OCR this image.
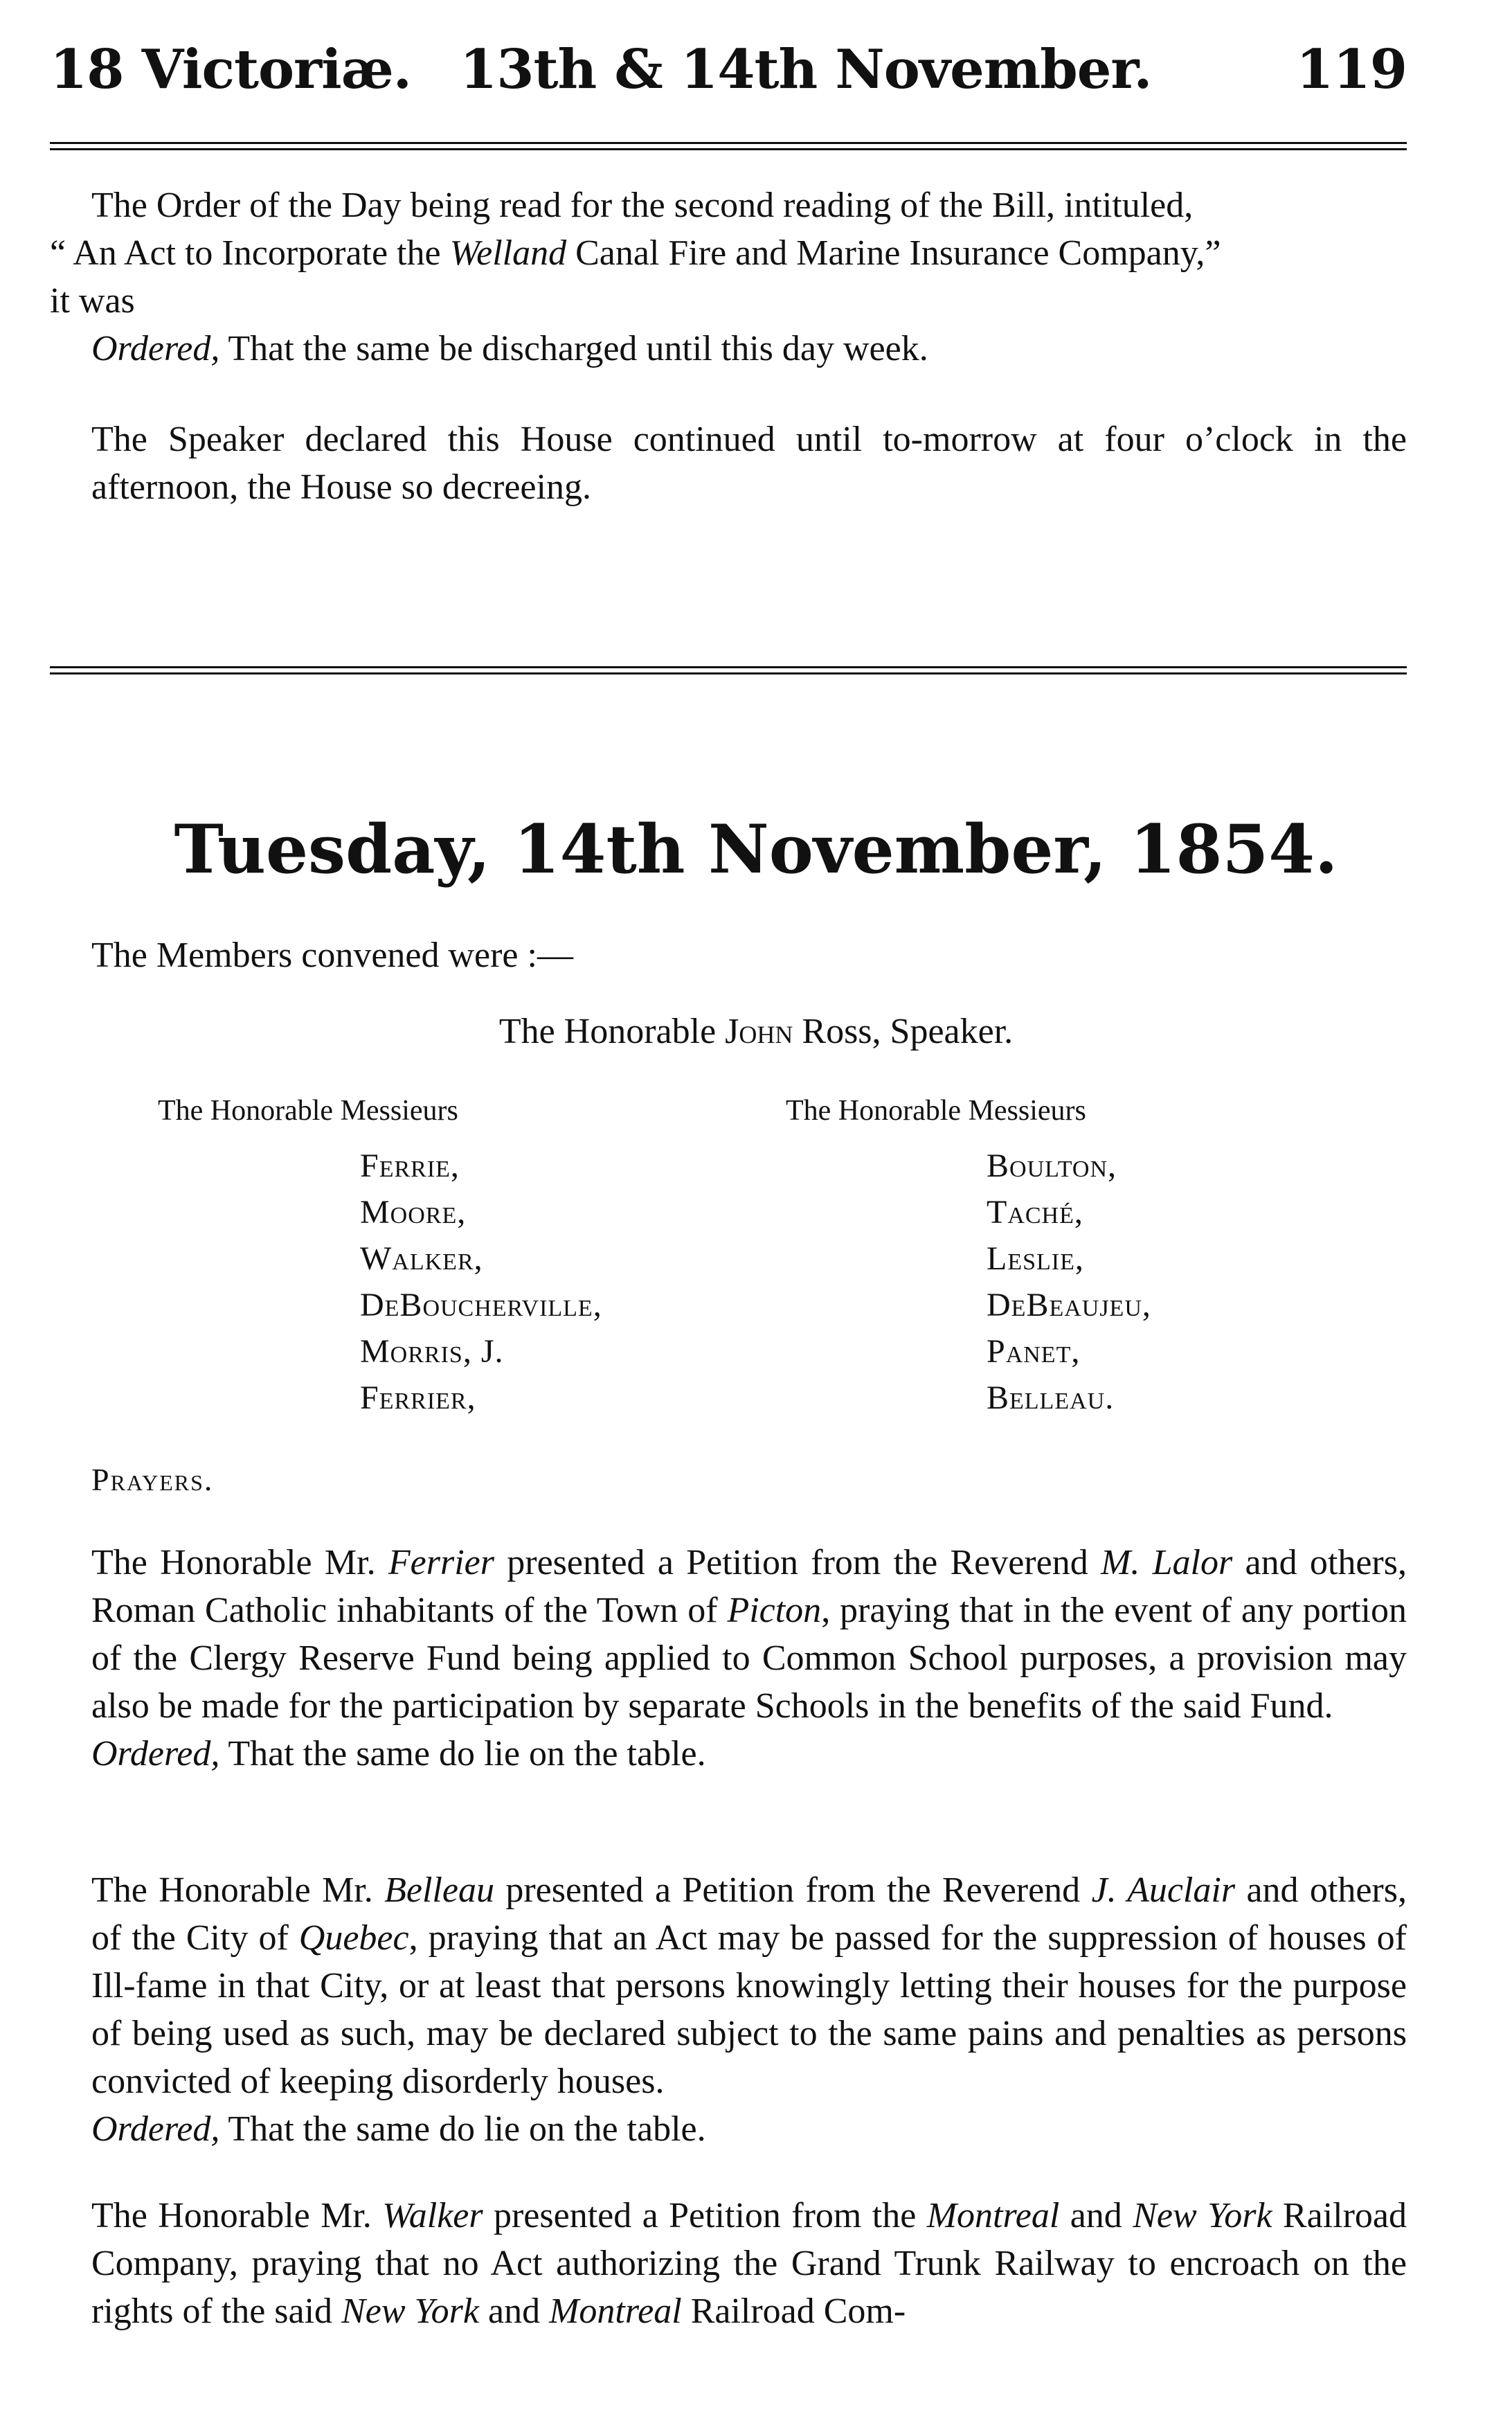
18 Victoriæ. 13th & 14th November.	119

The Order of the Day being read for the second reading of the Bill, intituled,

“ An Act to Incorporate the Welland Canal Fire and Marine Insurance Company,”

it was

Ordered, That the same be discharged until this day week.

The Speaker declared this House continued until to-morrow at four o’clock in the afternoon, the House so decreeing.

Tuesday, 14th November, 1854.
The Members convened were :—
The Honorable John Ross, Speaker.
The Honorable Messieurs	The Honorable Messieurs
Ferrie,
Moore,
Walker,
DeBoucherville,
Morris, J.
Ferrier,
Boulton,
Taché,
Leslie,
DeBeaujeu,
Panet,
Belleau.
Prayers.

The Honorable Mr. Ferrier presented a Petition from the Reverend M. Lalor and others, Roman Catholic inhabitants of the Town of Picton, praying that in the event of any portion of the Clergy Reserve Fund being applied to Common School purposes, a provision may also be made for the participation by separate Schools in the benefits of the said Fund.

Ordered, That the same do lie on the table.

The Honorable Mr. Belleau presented a Petition from the Reverend J. Auclair and others, of the City of Quebec, praying that an Act may be passed for the suppression of houses of Ill-fame in that City, or at least that persons knowingly letting their houses for the purpose of being used as such, may be declared subject to the same pains and penalties as persons convicted of keeping disorderly houses.

Ordered, That the same do lie on the table.

The Honorable Mr. Walker presented a Petition from the Montreal and New York Railroad Company, praying that no Act authorizing the Grand Trunk Railway to encroach on the rights of the said New York and Montreal Railroad Com-
